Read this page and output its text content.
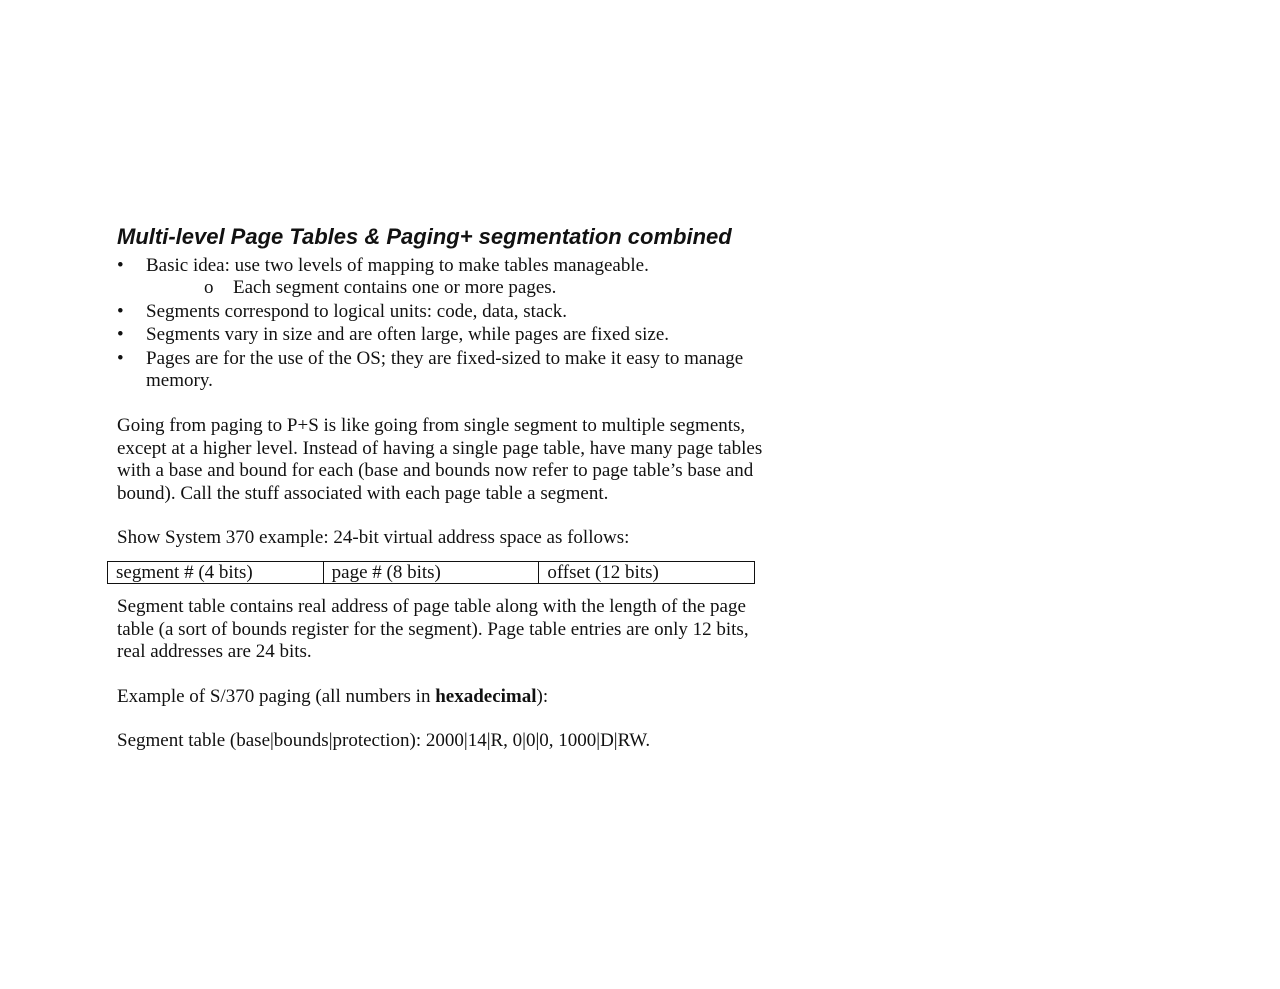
Multi-level Page Tables & Paging+ segmentation combined
• Basic idea: use two levels of mapping to make tables manageable.
o Each segment contains one or more pages.
• Segments correspond to logical units: code, data, stack.
• Segments vary in size and are often large, while pages are fixed size.
• Pages are for the use of the OS; they are fixed-sized to make it easy to manage memory.

Going from paging to P+S is like going from single segment to multiple segments, except at a higher level. Instead of having a single page table, have many page tables with a base and bound for each (base and bounds now refer to page table’s base and bound). Call the stuff associated with each page table a segment.

Show System 370 example: 24-bit virtual address space as follows:

segment # (4 bits)	page # (8 bits)	offset (12 bits)

Segment table contains real address of page table along with the length of the page table (a sort of bounds register for the segment). Page table entries are only 12 bits, real addresses are 24 bits.

Example of S/370 paging (all numbers in hexadecimal):

Segment table (base|bounds|protection): 2000|14|R, 0|0|0, 1000|D|RW.
